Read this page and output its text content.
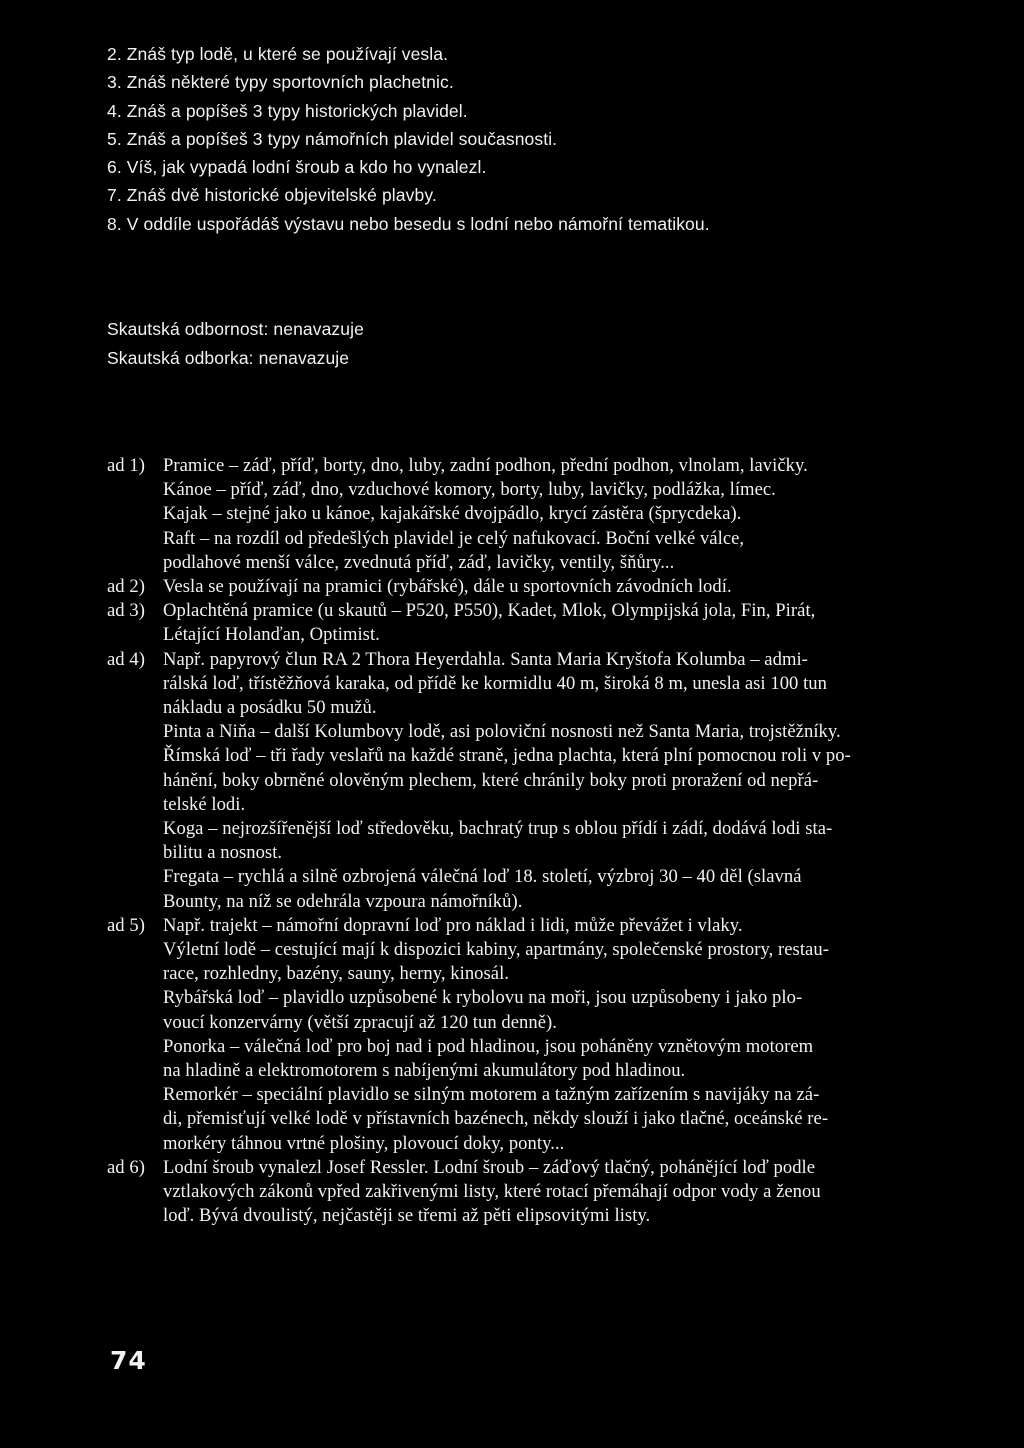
2. Znáš typ lodě, u které se používají vesla.
3. Znáš některé typy sportovních plachetnic.
4. Znáš a popíšeš 3 typy historických plavidel.
5. Znáš a popíšeš 3 typy námořních plavidel současnosti.
6. Víš, jak vypadá lodní šroub a kdo ho vynalezl.
7. Znáš dvě historické objevitelské plavby.
8. V oddíle uspořádáš výstavu nebo besedu s lodní nebo námořní tematikou.
Skautská odbornost: nenavazuje
Skautská odborka: nenavazuje
ad 1) Pramice – záď, příď, borty, dno, luby, zadní podhon, přední podhon, vlnolam, lavičky.
Kánoe – příď, záď, dno, vzduchové komory, borty, luby, lavičky, podlážka, límec.
Kajak – stejné jako u kánoe, kajakářské dvojpádlo, krycí zástěra (šprycdeka).
Raft – na rozdíl od předešlých plavidel je celý nafukovací. Boční velké válce,
podlahové menší válce, zvednutá příď, záď, lavičky, ventily, šňůry...
ad 2) Vesla se používají na pramici (rybářské), dále u sportovních závodních lodí.
ad 3) Oplachtěná pramice (u skautů – P520, P550), Kadet, Mlok, Olympijská jola, Fin, Pirát,
Létající Holanďan, Optimist.
ad 4) Např. papyrový člun RA 2 Thora Heyerdahla. Santa Maria Kryštofa Kolumba – admi-
rálská loď, třístěžňová karaka, od přídě ke kormidlu 40 m, široká 8 m, unesla asi 100 tun
nákladu a posádku 50 mužů.
Pinta a Niňa – další Kolumbovy lodě, asi poloviční nosnosti než Santa Maria, trojstěžníky.
Římská loď – tři řady veslařů na každé straně, jedna plachta, která plní pomocnou roli v po-
hánění, boky obrněné olověným plechem, které chránily boky proti proražení od nepřá-
telské lodi.
Koga – nejrozšířenější loď středověku, bachratý trup s oblou přídí i zádí, dodává lodi sta-
bilitu a nosnost.
Fregata – rychlá a silně ozbrojená válečná loď 18. století, výzbroj 30 – 40 děl (slavná
Bounty, na níž se odehrála vzpoura námořníků).
ad 5) Např. trajekt – námořní dopravní loď pro náklad i lidi, může převážet i vlaky.
Výletní lodě – cestující mají k dispozici kabiny, apartmány, společenské prostory, restau-
race, rozhledny, bazény, sauny, herny, kinosál.
Rybářská loď – plavidlo uzpůsobené k rybolovu na moři, jsou uzpůsobeny i jako plo-
voucí konzervárny (větší zpracují až 120 tun denně).
Ponorka – válečná loď pro boj nad i pod hladinou, jsou poháněny vznětovým motorem
na hladině a elektromotorem s nabíjenými akumulátory pod hladinou.
Remorkér – speciální plavidlo se silným motorem a tažným zařízením s navijáky na zá-
di, přemisťují velké lodě v přístavních bazénech, někdy slouží i jako tlačné, oceánské re-
morkéry táhnou vrtné plošiny, plovoucí doky, ponty...
ad 6) Lodní šroub vynalezl Josef Ressler. Lodní šroub – záďový tlačný, pohánějící loď podle
vztlakových zákonů vpřed zakřivenými listy, které rotací přemáhají odpor vody a ženou
loď. Bývá dvoulistý, nejčastěji se třemi až pěti elipsovitými listy.
74
